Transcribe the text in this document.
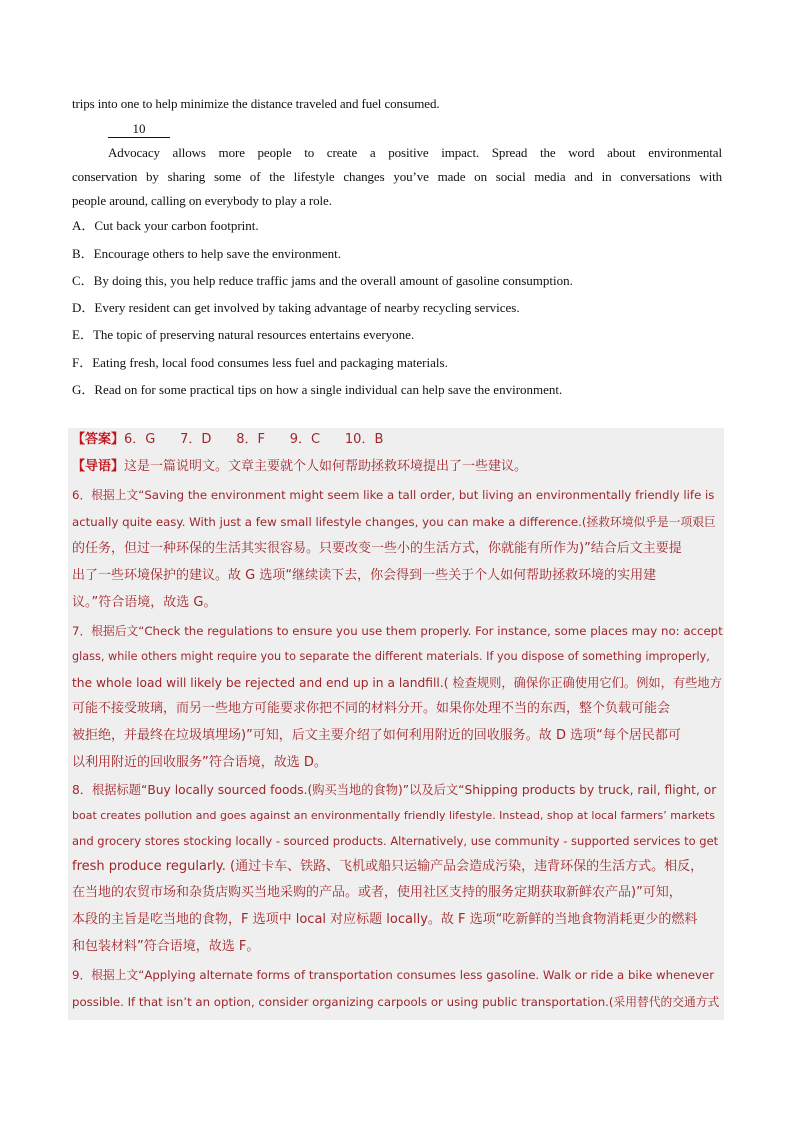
trips into one to help minimize the distance traveled and fuel consumed.
10
Advocacy allows more people to create a positive impact. Spread the word about environmental
conservation by sharing some of the lifestyle changes you’ve made on social media and in conversations with
people around, calling on everybody to play a role.
A．Cut back your carbon footprint.
B．Encourage others to help save the environment.
C．By doing this, you help reduce traffic jams and the overall amount of gasoline consumption.
D．Every resident can get involved by taking advantage of nearby recycling services.
E．The topic of preserving natural resources entertains everyone.
F．Eating fresh, local food consumes less fuel and packaging materials.
G．Read on for some practical tips on how a single individual can help save the environment.
【答案】6．G      7．D      8．F      9．C      10．B
【导语】这是一篇说明文。文章主要就个人如何帮助拯救环境提出了一些建议。
6．根据上文“Saving the environment might seem like a tall order, but living an environmentally friendly life is
actually quite easy. With just a few small lifestyle changes, you can make a difference.(拯救环境似乎是一项艰巨
的任务，但过一种环保的生活其实很容易。只要改变一些小的生活方式，你就能有所作为)”结合后文主要提
出了一些环境保护的建议。故 G 选项“继续读下去，你会得到一些关于个人如何帮助拯救环境的实用建
议。”符合语境，故选 G。
7．根据后文“Check the regulations to ensure you use them properly. For instance, some places may no: accept
glass, while others might require you to separate the different materials. If you dispose of something improperly,
the whole load will likely be rejected and end up in a landfill.( 检查规则，确保你正确使用它们。例如，有些地方
可能不接受玻璃，而另一些地方可能要求你把不同的材料分开。如果你处理不当的东西，整个负载可能会
被拒绝，并最终在垃圾填埋场)”可知，后文主要介绍了如何利用附近的回收服务。故 D 选项“每个居民都可
以利用附近的回收服务”符合语境，故选 D。
8．根据标题“Buy locally sourced foods.(购买当地的食物)”以及后文“Shipping products by truck, rail, flight, or
boat creates pollution and goes against an environmentally friendly lifestyle. Instead, shop at local farmers’ markets
and grocery stores stocking locally - sourced products. Alternatively, use community - supported services to get
fresh produce regularly. (通过卡车、铁路、飞机或船只运输产品会造成污染，违背环保的生活方式。相反，
在当地的农贸市场和杂货店购买当地采购的产品。或者，使用社区支持的服务定期获取新鲜农产品)”可知，
本段的主旨是吃当地的食物，F 选项中 local 对应标题 locally。故 F 选项“吃新鲜的当地食物消耗更少的燃料
和包装材料”符合语境，故选 F。
9．根据上文“Applying alternate forms of transportation consumes less gasoline. Walk or ride a bike whenever
possible. If that isn’t an option, consider organizing carpools or using public transportation.(采用替代的交通方式
